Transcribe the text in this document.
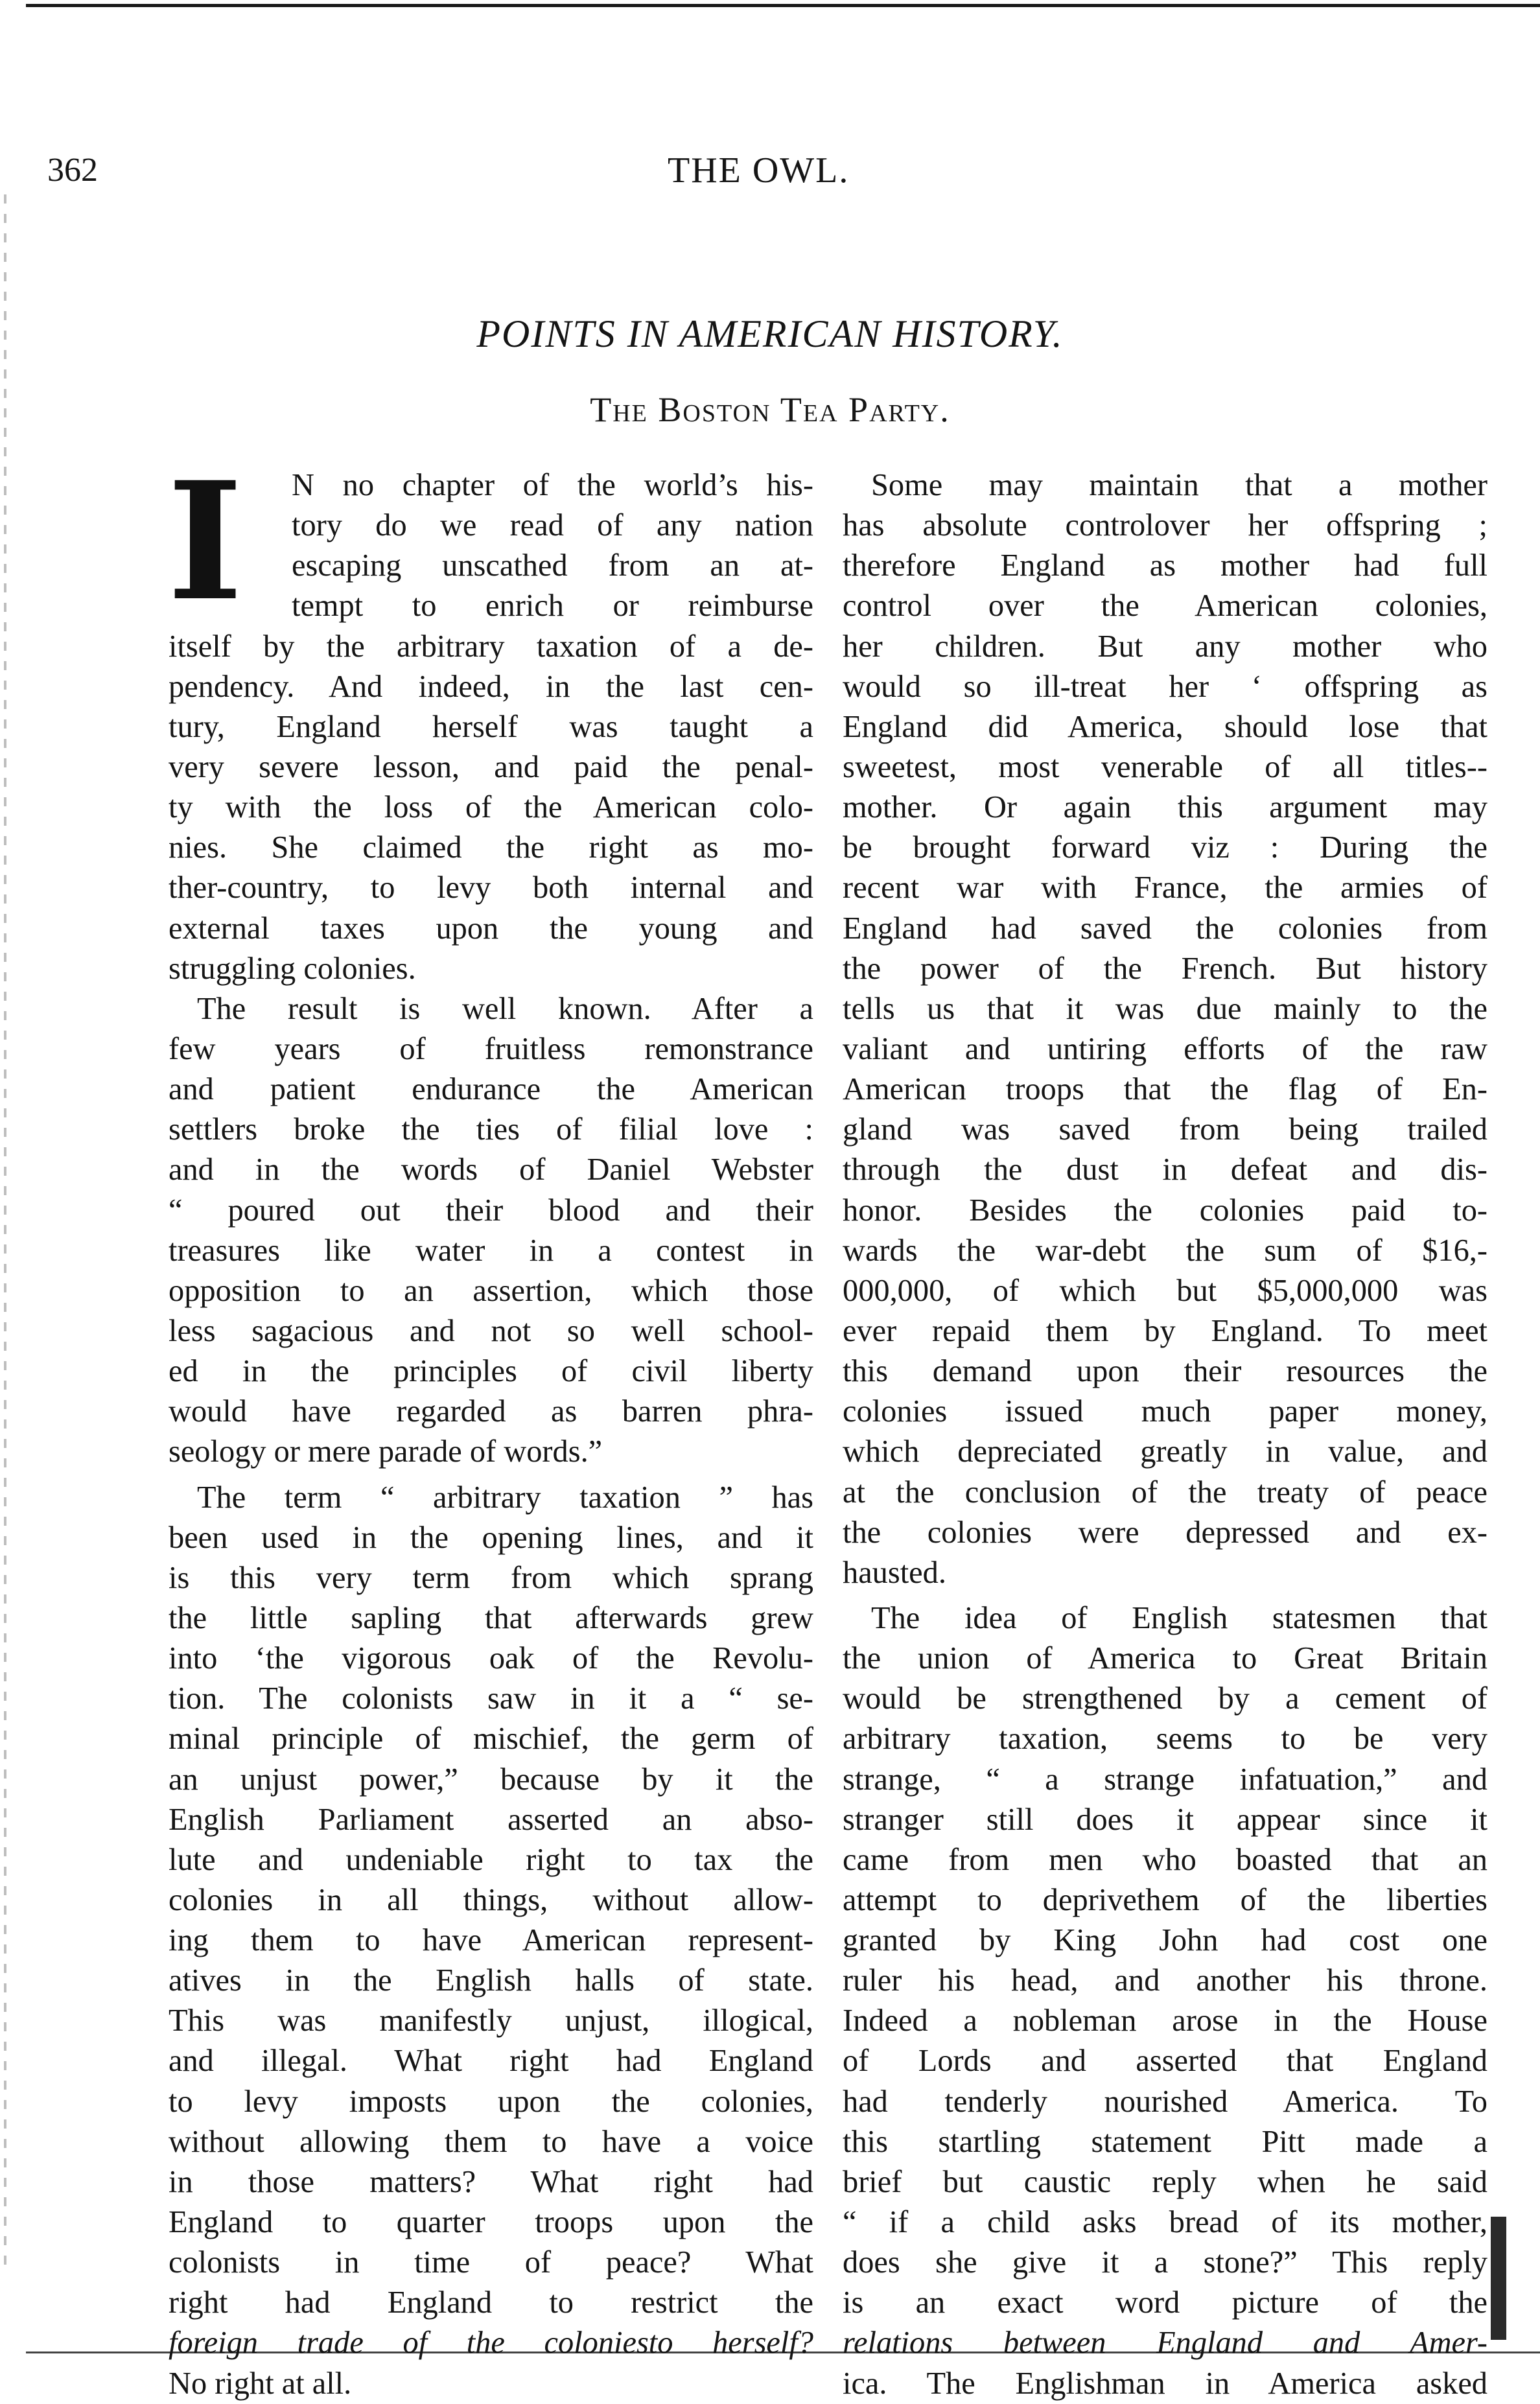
362	THE OWL.
POINTS IN AMERICAN HISTORY.
The Boston Tea Party.
I	N no chapter of the world’s his-
tory do we read of any nation
escaping unscathed from an at-
tempt to enrich or reimburse
itself by the arbitrary taxation of a de-
pendency. And indeed, in the last cen-
tury, England herself was taught a
very severe lesson, and paid the penal-
ty with the loss of the American colo-
nies. She claimed the right as mo-
ther-country, to levy both internal and
external taxes upon the young and
struggling colonies.
The result is well known. After a
few years of fruitless remonstrance
and patient endurance the American
settlers broke the ties of filial love :
and in the words of Daniel Webster
“ poured out their blood and their
treasures like water in a contest in
opposition to an assertion, which those
less sagacious and not so well school-
ed in the principles of civil liberty
would have regarded as barren phra-
seology or mere parade of words.”
The term “ arbitrary taxation ” has
been used in the opening lines, and it
is this very term from which sprang
the little sapling that afterwards grew
into ‘the vigorous oak of the Revolu-
tion. The colonists saw in it a “ se-
minal principle of mischief, the germ of
an unjust power,” because by it the
English Parliament asserted an abso-
lute and undeniable right to tax the
colonies in all things, without allow-
ing them to have American represent-
atives in the English halls of state.
This was manifestly unjust, illogical,
and illegal. What right had England
to levy imposts upon the colonies,
without allowing them to have a voice
in those matters? What right had
England to quarter troops upon the
colonists in time of peace? What
right had England to restrict the
foreign trade of the coloniesto herself?
No right at all.
Some may maintain that a mother
has absolute controlover her offspring ;
therefore England as mother had full
control over the American colonies,
her children. But any mother who
would so ill-treat her ‘ offspring as
England did America, should lose that
sweetest, most venerable of all titles--
mother. Or again this argument may
be brought forward viz : During the
recent war with France, the armies of
England had saved the colonies from
the power of the French. But history
tells us that it was due mainly to the
valiant and untiring efforts of the raw
American troops that the flag of En-
gland was saved from being trailed
through the dust in defeat and dis-
honor. Besides the colonies paid to-
wards the war-debt the sum of $16,-
000,000, of which but $5,000,000 was
ever repaid them by England. To meet
this demand upon their resources the
colonies issued much paper money,
which depreciated greatly in value, and
at the conclusion of the treaty of peace
the colonies were depressed and ex-
hausted.
The idea of English statesmen that
the union of America to Great Britain
would be strengthened by a cement of
arbitrary taxation, seems to be very
strange, “ a strange infatuation,” and
stranger still does it appear since it
came from men who boasted that an
attempt to deprivethem of the liberties
granted by King John had cost one
ruler his head, and another his throne.
Indeed a nobleman arose in the House
of Lords and asserted that England
had tenderly nourished America. To
this startling statement Pitt made a
brief but caustic reply when he said
“ if a child asks bread of its mother,
does she give it a stone?” This reply
is an exact word picture of the
relations between England and Amer-
ica. The Englishman in America asked
